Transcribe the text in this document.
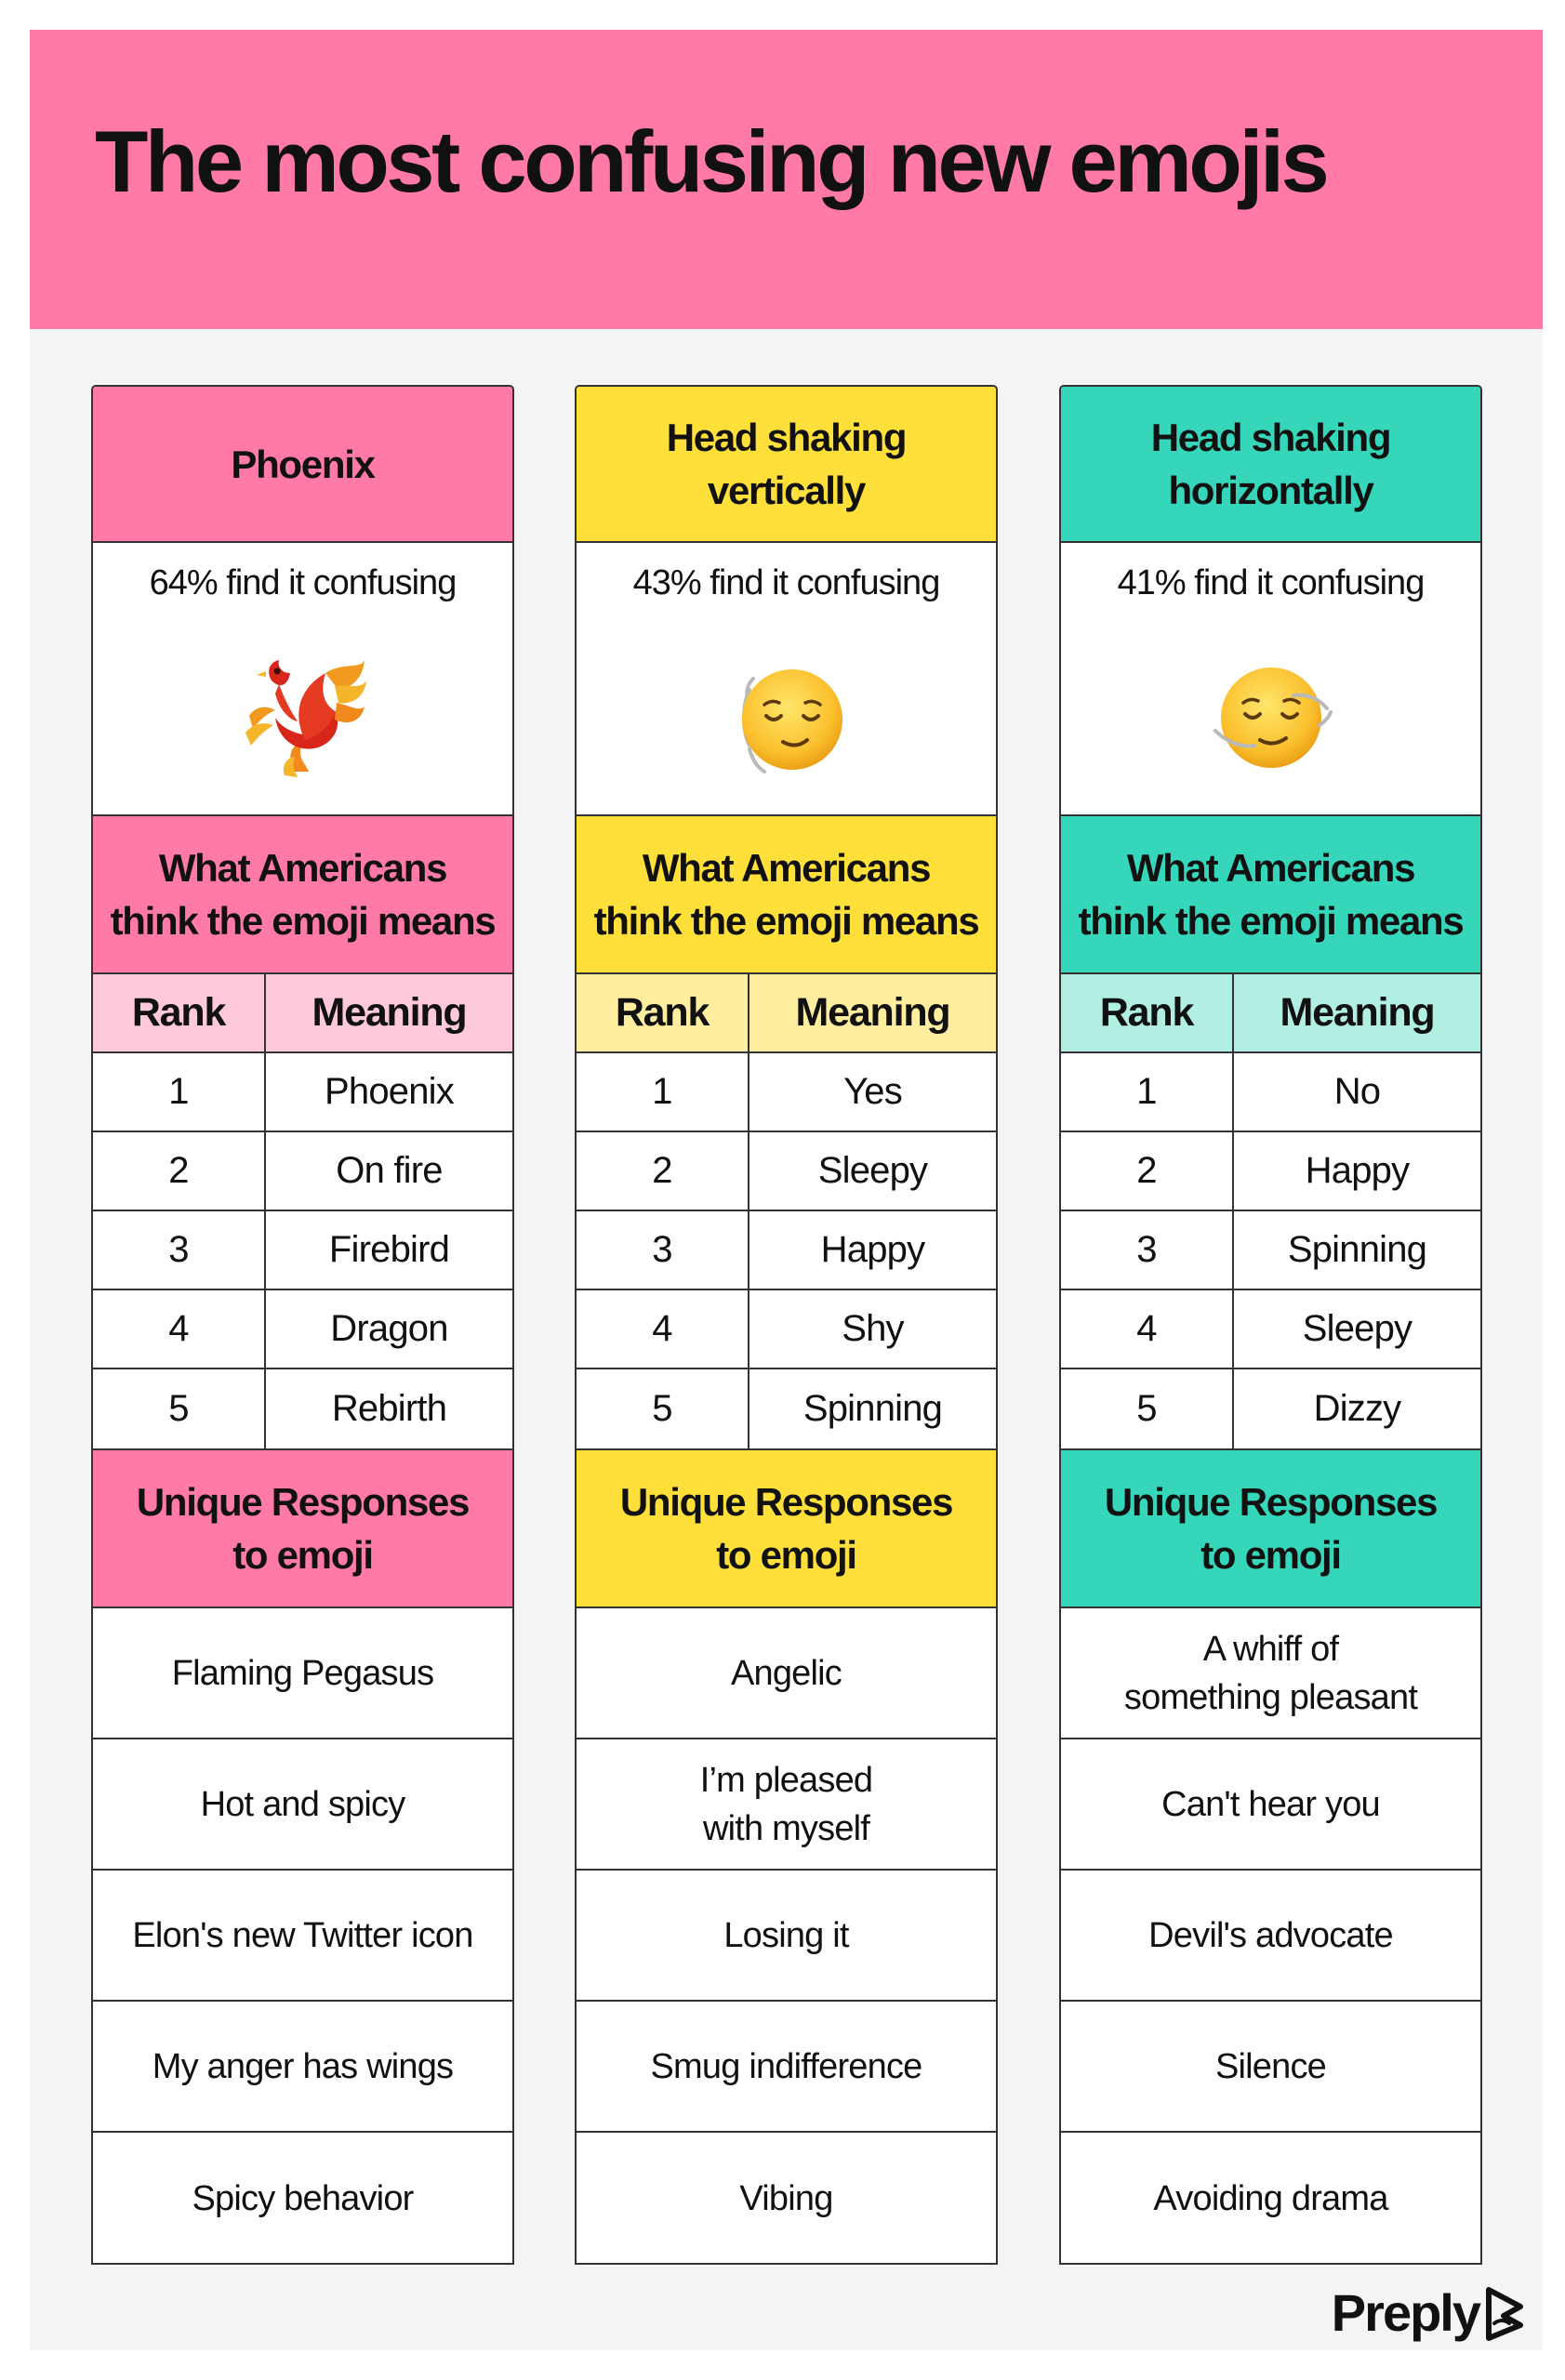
The most confusing new emojis
Phoenix
64% find it confusing
What Americans
think the emoji means
Rank	Meaning
1	Phoenix
2	On fire
3	Firebird
4	Dragon
5	Rebirth
Unique Responses
to emoji
Flaming Pegasus
Hot and spicy
Elon's new Twitter icon
My anger has wings
Spicy behavior
Head shaking
vertically
43% find it confusing
What Americans
think the emoji means
Rank	Meaning
1	Yes
2	Sleepy
3	Happy
4	Shy
5	Spinning
Unique Responses
to emoji
Angelic
I’m pleased
with myself
Losing it
Smug indifference
Vibing
Head shaking
horizontally
41% find it confusing
What Americans
think the emoji means
Rank	Meaning
1	No
2	Happy
3	Spinning
4	Sleepy
5	Dizzy
Unique Responses
to emoji
A whiff of
something pleasant
Can't hear you
Devil's advocate
Silence
Avoiding drama
Preply
